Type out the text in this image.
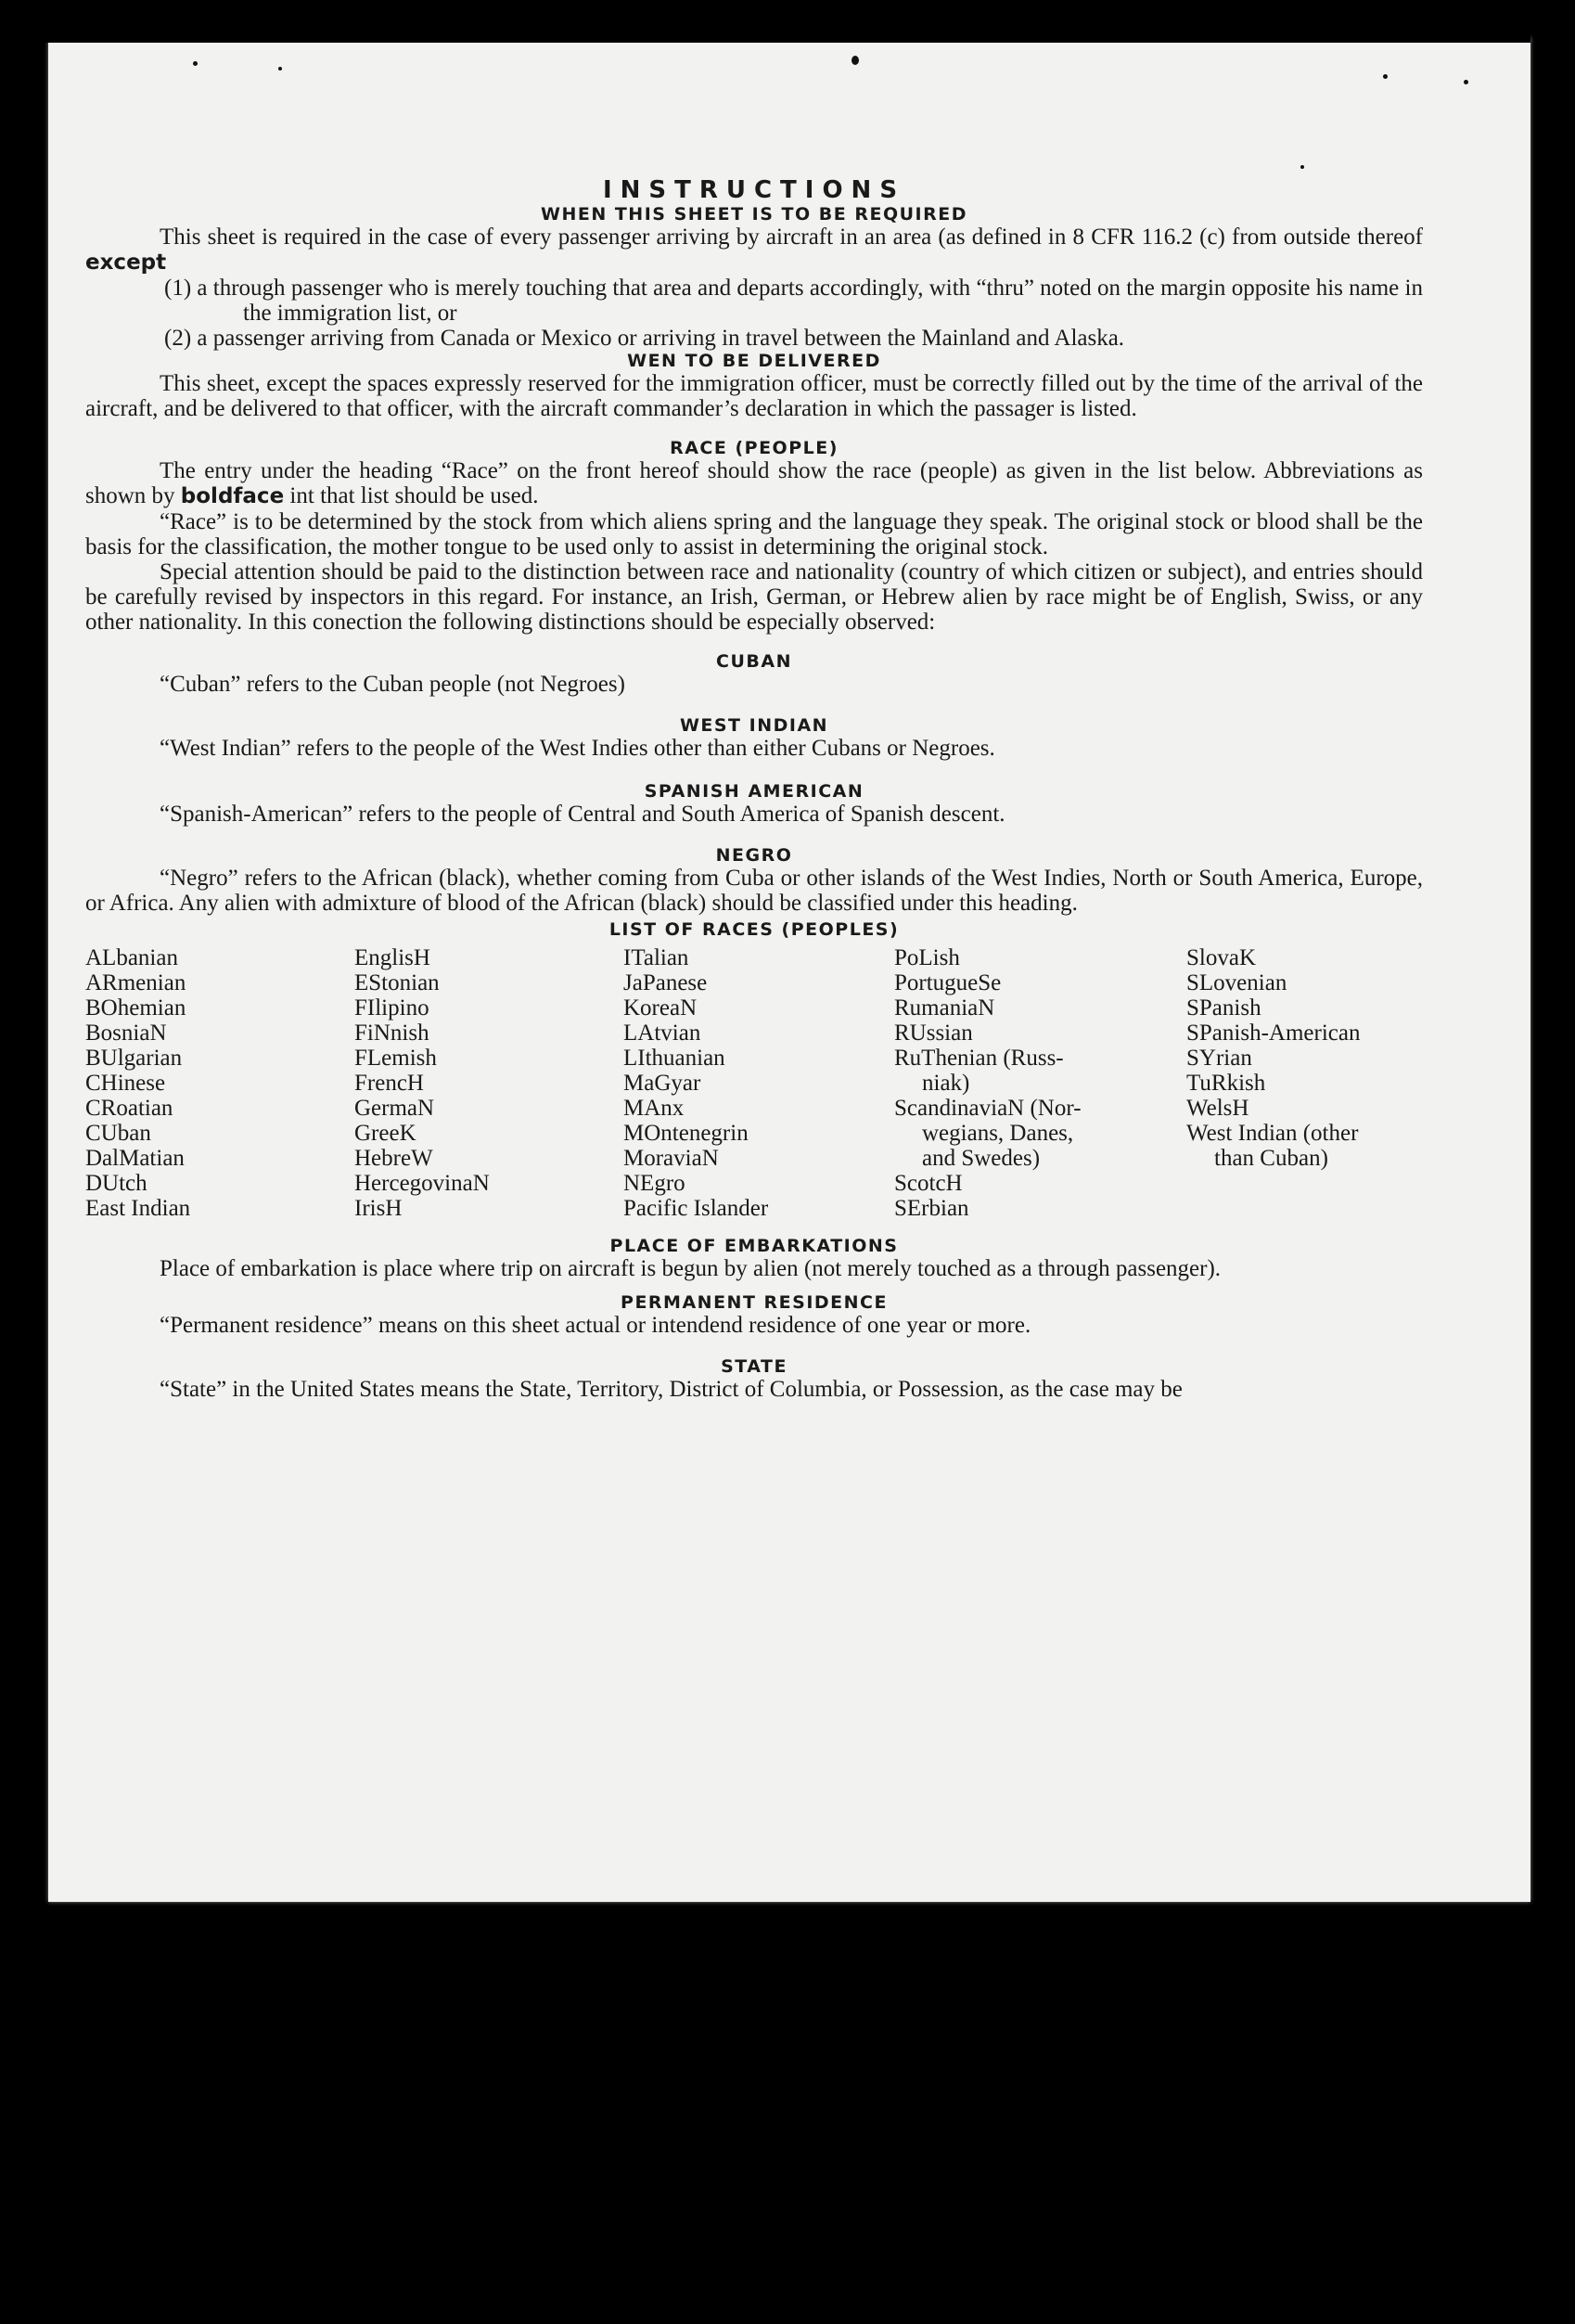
INSTRUCTIONS

WHEN THIS SHEET IS TO BE REQUIRED

This sheet is required in the case of every passenger arriving by aircraft in an area (as defined in 8 CFR 116.2 (c) from outside thereof except

(1) a through passenger who is merely touching that area and departs accordingly, with “thru” noted on the margin opposite his name in the immigration list, or

(2) a passenger arriving from Canada or Mexico or arriving in travel between the Mainland and Alaska.

WEN TO BE DELIVERED

This sheet, except the spaces expressly reserved for the immigration officer, must be correctly filled out by the time of the arrival of the aircraft, and be delivered to that officer, with the aircraft commander’s declaration in which the passager is listed.

RACE (PEOPLE)

The entry under the heading “Race” on the front hereof should show the race (people) as given in the list below. Abbreviations as shown by boldface int that list should be used.

“Race” is to be determined by the stock from which aliens spring and the language they speak. The original stock or blood shall be the basis for the classification, the mother tongue to be used only to assist in determining the original stock.

Special attention should be paid to the distinction between race and nationality (country of which citizen or subject), and entries should be carefully revised by inspectors in this regard. For instance, an Irish, German, or Hebrew alien by race might be of English, Swiss, or any other nationality. In this conection the following distinctions should be especially observed:

CUBAN

“Cuban” refers to the Cuban people (not Negroes)

WEST INDIAN

“West Indian” refers to the people of the West Indies other than either Cubans or Negroes.

SPANISH AMERICAN

“Spanish-American” refers to the people of Central and South America of Spanish descent.

NEGRO

“Negro” refers to the African (black), whether coming from Cuba or other islands of the West Indies, North or South America, Europe, or Africa. Any alien with admixture of blood of the African (black) should be classified under this heading.

LIST OF RACES (PEOPLES)

ALbanian
ARmenian
BOhemian
BosniaN
BUlgarian
CHinese
CRoatian
CUban
DalMatian
DUtch
East Indian
EnglisH
EStonian
FIlipino
FiNnish
FLemish
FrencH
GermaN
GreeK
HebreW
HercegovinaN
IrisH
ITalian
JaPanese
KoreaN
LAtvian
LIthuanian
MaGyar
MAnx
MOntenegrin
MoraviaN
NEgro
Pacific Islander
PoLish
PortugueSe
RumaniaN
RUssian
RuThenian (Russ-
niak)
ScandinaviaN (Nor-
wegians, Danes,
and Swedes)
ScotcH
SErbian
SlovaK
SLovenian
SPanish
SPanish-American
SYrian
TuRkish
WelsH
West Indian (other
than Cuban)

PLACE OF EMBARKATIONS

Place of embarkation is place where trip on aircraft is begun by alien (not merely touched as a through passenger).

PERMANENT RESIDENCE

“Permanent residence” means on this sheet actual or intendend residence of one year or more.

STATE

“State” in the United States means the State, Territory, District of Columbia, or Possession, as the case may be
